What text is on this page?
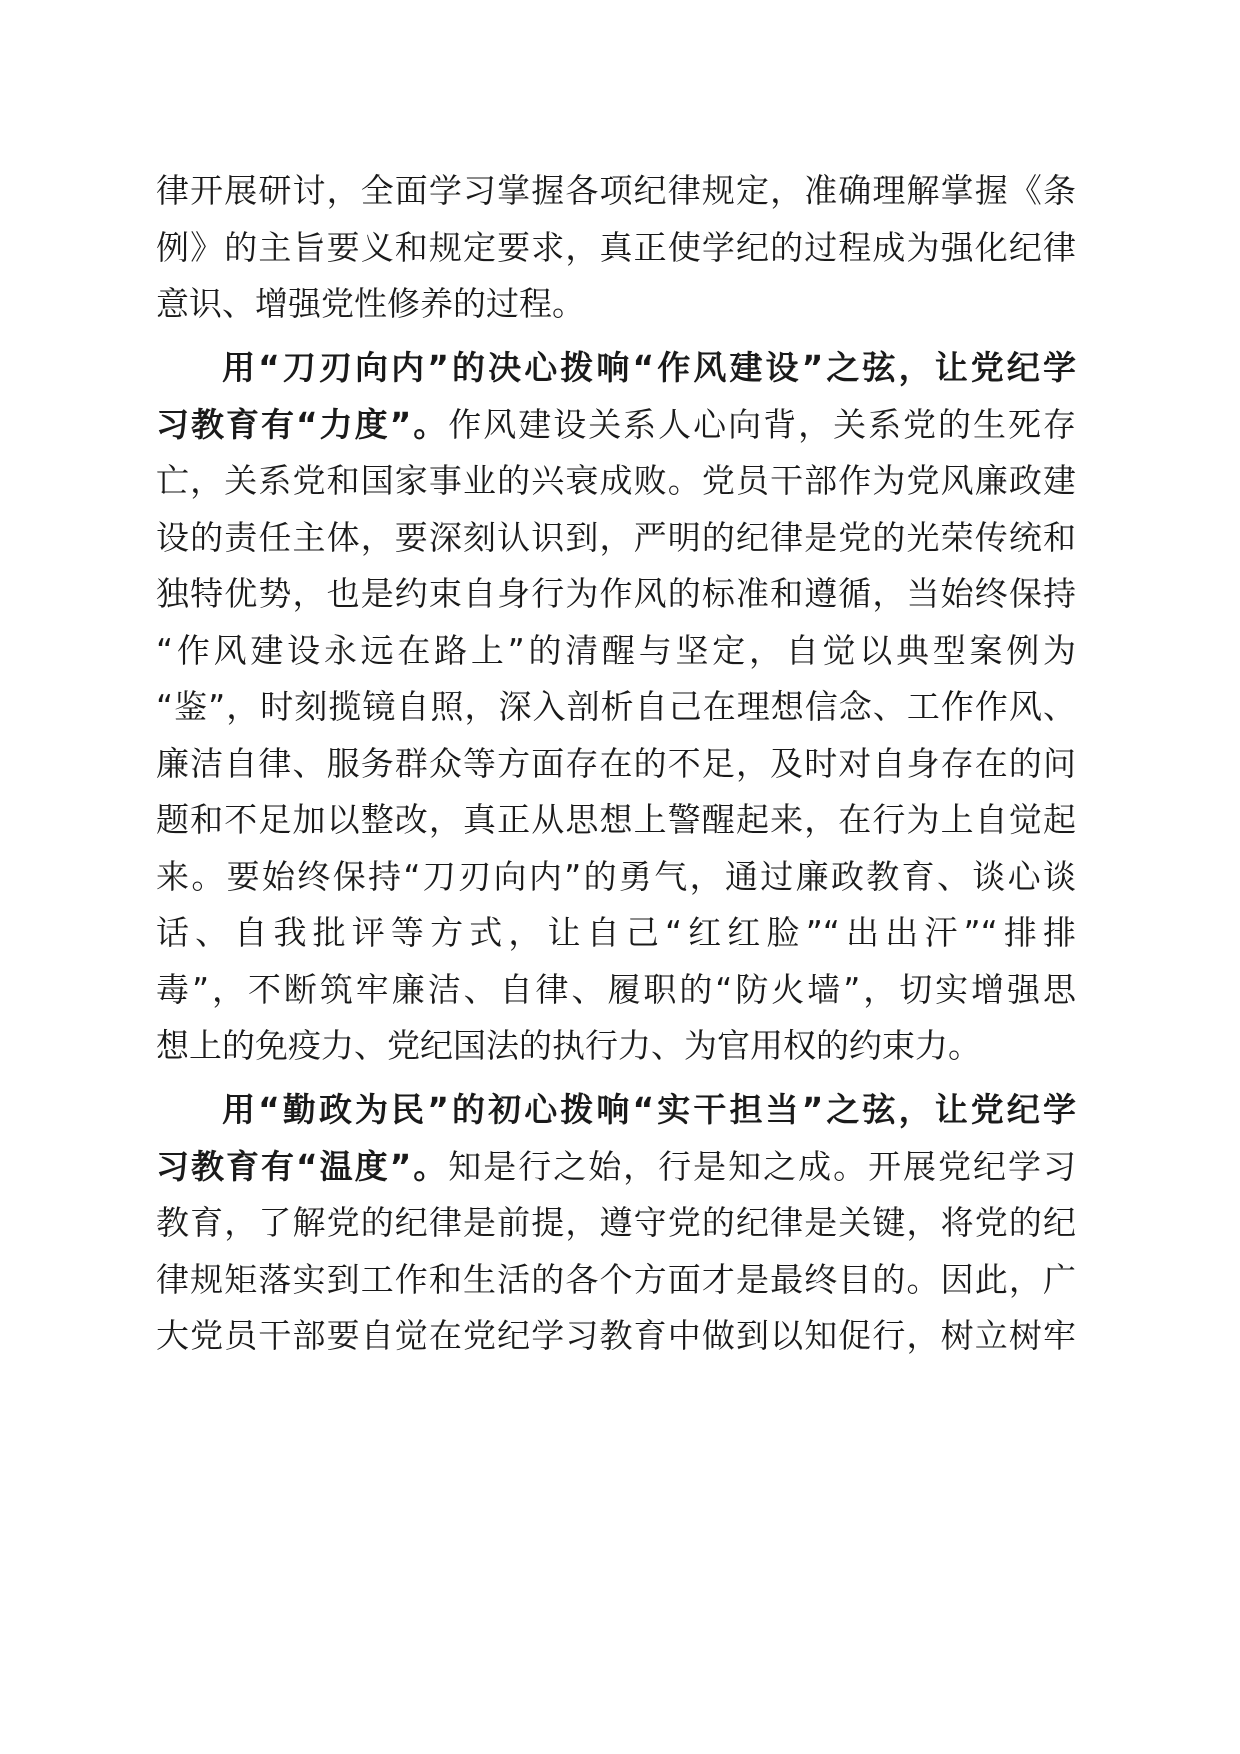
律开展研讨，全面学习掌握各项纪律规定，准确理解掌握《条
例》的主旨要义和规定要求，真正使学纪的过程成为强化纪律
意识、增强党性修养的过程。
用“刀刃向内”的决心拨响“作风建设”之弦，让党纪学
习教育有“力度”。作风建设关系人心向背，关系党的生死存
亡，关系党和国家事业的兴衰成败。党员干部作为党风廉政建
设的责任主体，要深刻认识到，严明的纪律是党的光荣传统和
独特优势，也是约束自身行为作风的标准和遵循，当始终保持
“作风建设永远在路上”的清醒与坚定，自觉以典型案例为
“鉴”，时刻揽镜自照，深入剖析自己在理想信念、工作作风、
廉洁自律、服务群众等方面存在的不足，及时对自身存在的问
题和不足加以整改，真正从思想上警醒起来，在行为上自觉起
来。要始终保持“刀刃向内”的勇气，通过廉政教育、谈心谈
话、自我批评等方式，让自己“红红脸”“出出汗”“排排
毒”，不断筑牢廉洁、自律、履职的“防火墙”，切实增强思
想上的免疫力、党纪国法的执行力、为官用权的约束力。
用“勤政为民”的初心拨响“实干担当”之弦，让党纪学
习教育有“温度”。知是行之始，行是知之成。开展党纪学习
教育，了解党的纪律是前提，遵守党的纪律是关键，将党的纪
律规矩落实到工作和生活的各个方面才是最终目的。因此，广
大党员干部要自觉在党纪学习教育中做到以知促行，树立树牢
